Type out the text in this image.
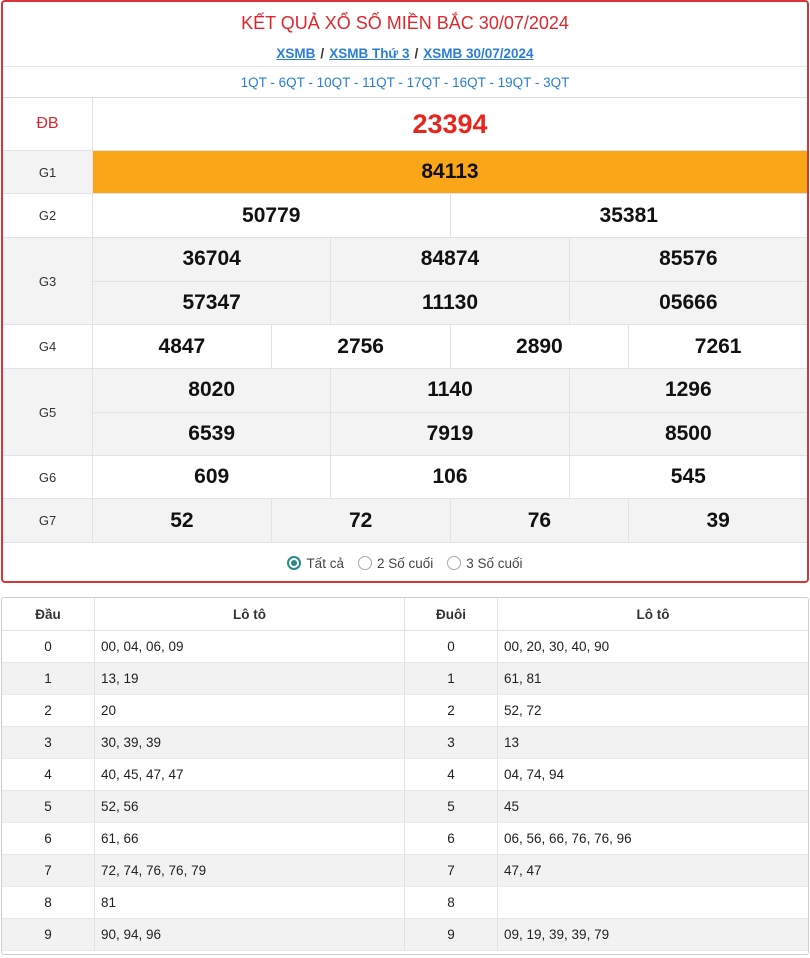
KẾT QUẢ XỔ SỐ MIỀN BẮC 30/07/2024
XSMB / XSMB Thứ 3 / XSMB 30/07/2024
1QT - 6QT - 10QT - 11QT - 17QT - 16QT - 19QT - 3QT
ĐB	23394
G1	84113
G2	50779	35381
G3
36704	84874	85576
57347	11130	05666
G4	4847	2756	2890	7261
G5
8020	1140	1296
6539	7919	8500
G6	609	106	545
G7	52	72	76	39
Tất cả 2 Số cuối 3 Số cuối
Đầu	Lô tô	Đuôi	Lô tô
0	00, 04, 06, 09	0	00, 20, 30, 40, 90
1	13, 19	1	61, 81
2	20	2	52, 72
3	30, 39, 39	3	13
4	40, 45, 47, 47	4	04, 74, 94
5	52, 56	5	45
6	61, 66	6	06, 56, 66, 76, 76, 96
7	72, 74, 76, 76, 79	7	47, 47
8	81	8
9	90, 94, 96	9	09, 19, 39, 39, 79
